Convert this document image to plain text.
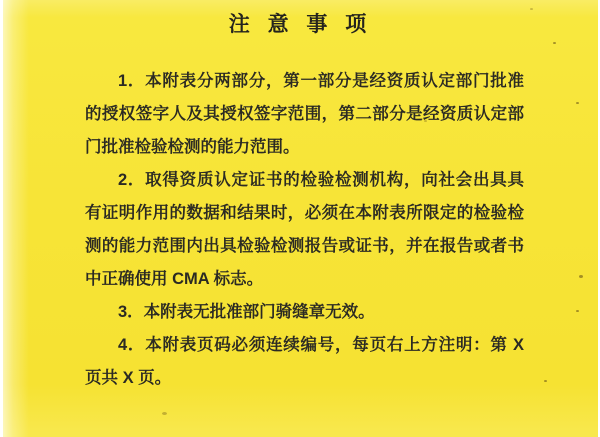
注 意 事 项
1．本附表分两部分，第一部分是经资质认定部门批准
的授权签字人及其授权签字范围，第二部分是经资质认定部
门批准检验检测的能力范围。
2．取得资质认定证书的检验检测机构，向社会出具具
有证明作用的数据和结果时，必须在本附表所限定的检验检
测的能力范围内出具检验检测报告或证书，并在报告或者书
中正确使用 CMA 标志。
3．本附表无批准部门骑缝章无效。
4．本附表页码必须连续编号，每页右上方注明：第 X
页共 X 页。
